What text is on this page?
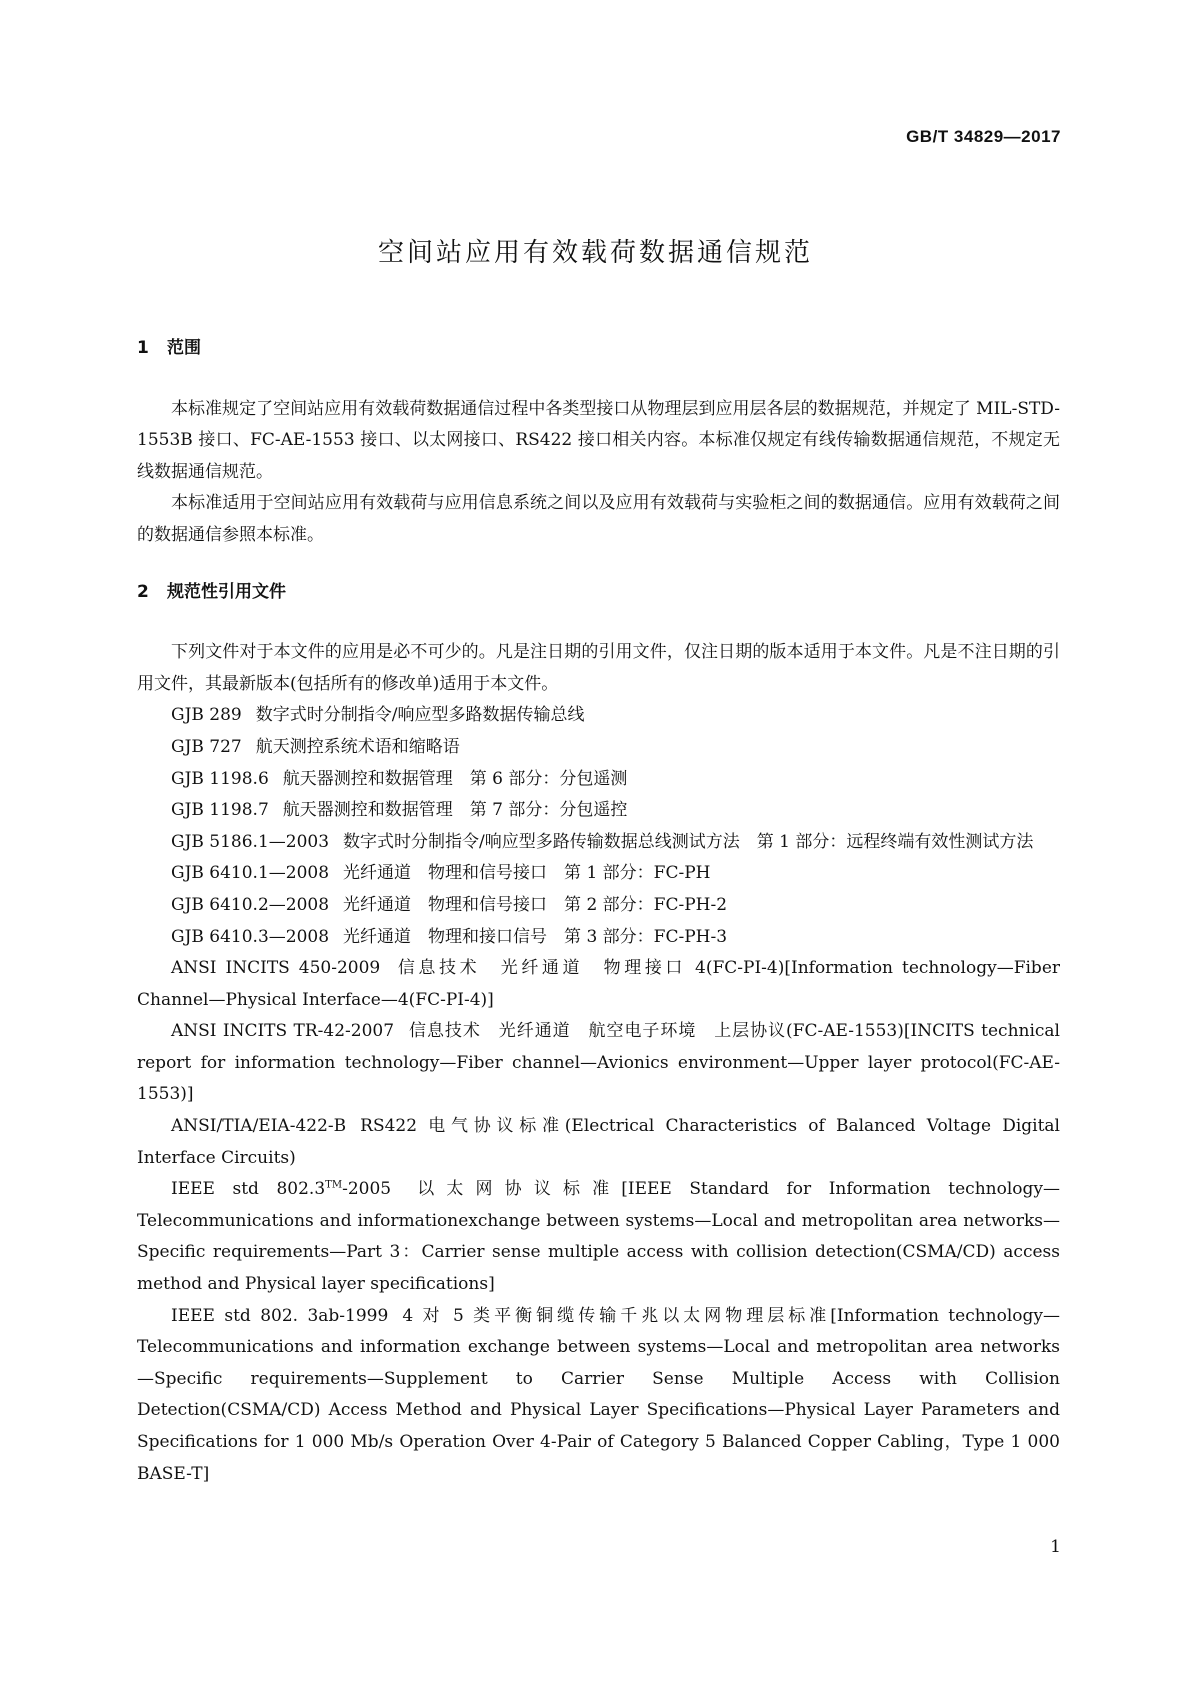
GB/T 34829—2017
空间站应用有效载荷数据通信规范
1 范围

本标准规定了空间站应用有效载荷数据通信过程中各类型接口从物理层到应用层各层的数据规范，并规定了 MIL-STD-1553B 接口、FC-AE-1553 接口、以太网接口、RS422 接口相关内容。本标准仅规定有线传输数据通信规范，不规定无线数据通信规范。

本标准适用于空间站应用有效载荷与应用信息系统之间以及应用有效载荷与实验柜之间的数据通信。应用有效载荷之间的数据通信参照本标准。

2 规范性引用文件

下列文件对于本文件的应用是必不可少的。凡是注日期的引用文件，仅注日期的版本适用于本文件。凡是不注日期的引用文件，其最新版本(包括所有的修改单)适用于本文件。

GJB 289 数字式时分制指令/响应型多路数据传输总线

GJB 727 航天测控系统术语和缩略语

GJB 1198.6 航天器测控和数据管理　第 6 部分：分包遥测

GJB 1198.7 航天器测控和数据管理　第 7 部分：分包遥控

GJB 5186.1—2003 数字式时分制指令/响应型多路传输数据总线测试方法　第 1 部分：远程终端有效性测试方法

GJB 6410.1—2008 光纤通道　物理和信号接口　第 1 部分：FC-PH

GJB 6410.2—2008 光纤通道　物理和信号接口　第 2 部分：FC-PH-2

GJB 6410.3—2008 光纤通道　物理和接口信号　第 3 部分：FC-PH-3

ANSI INCITS 450-2009 信息技术　光纤通道　物理接口 4(FC-PI-4)[Information technology—Fiber Channel—Physical Interface—4(FC-PI-4)]

ANSI INCITS TR-42-2007 信息技术　光纤通道　航空电子环境　上层协议(FC-AE-1553)[INCITS technical report for information technology—Fiber channel—Avionics environment—Upper layer protocol(FC-AE-1553)]

ANSI/TIA/EIA-422-B RS422 电气协议标准(Electrical Characteristics of Balanced Voltage Digital Interface Circuits)

IEEE std 802.3™-2005 以太网协议标准[IEEE Standard for Information technology—Telecommunications and informationexchange between systems—Local and metropolitan area networks—Specific requirements—Part 3：Carrier sense multiple access with collision detection(CSMA/CD) access method and Physical layer specifications]

IEEE std 802. 3ab-1999 4 对 5 类平衡铜缆传输千兆以太网物理层标准[Information technology—Telecommunications and information exchange between systems—Local and metropolitan area networks—Specific requirements—Supplement to Carrier Sense Multiple Access with Collision Detection(CSMA/CD) Access Method and Physical Layer Specifications—Physical Layer Parameters and Specifications for 1 000 Mb/s Operation Over 4-Pair of Category 5 Balanced Copper Cabling，Type 1 000 BASE-T]

1
